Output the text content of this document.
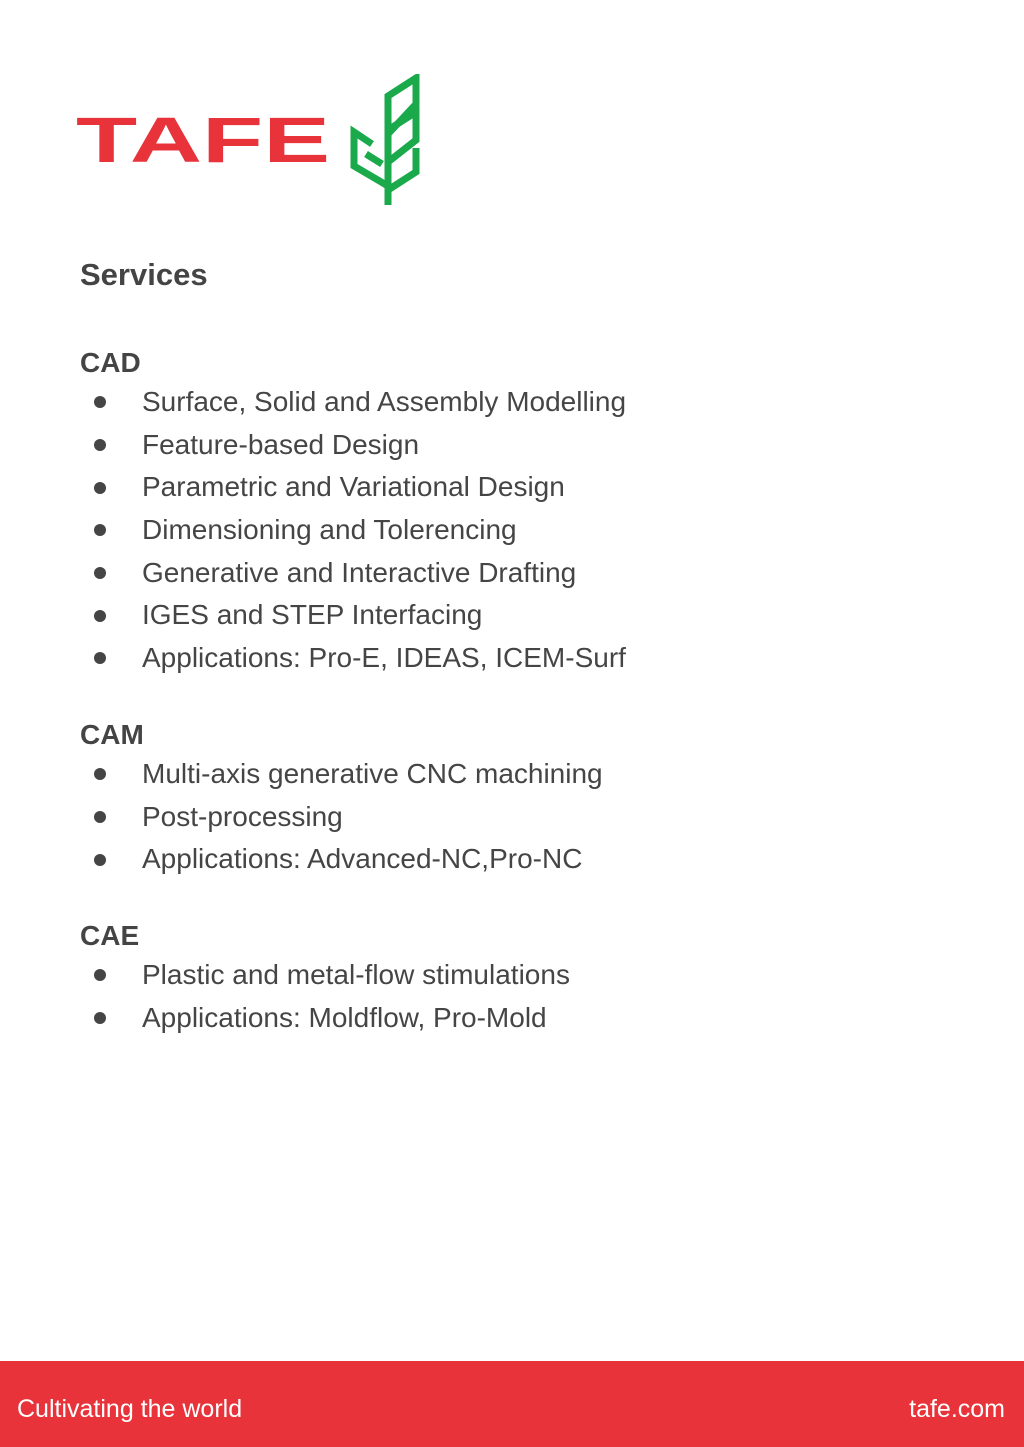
TAFE
Services
CAD
Surface, Solid and Assembly Modelling
Feature-based Design
Parametric and Variational Design
Dimensioning and Tolerencing
Generative and Interactive Drafting
IGES and STEP Interfacing
Applications: Pro-E, IDEAS, ICEM-Surf
CAM
Multi-axis generative CNC machining
Post-processing
Applications: Advanced-NC,Pro-NC
CAE
Plastic and metal-flow stimulations
Applications: Moldflow, Pro-Mold
Cultivating the world	tafe.com
